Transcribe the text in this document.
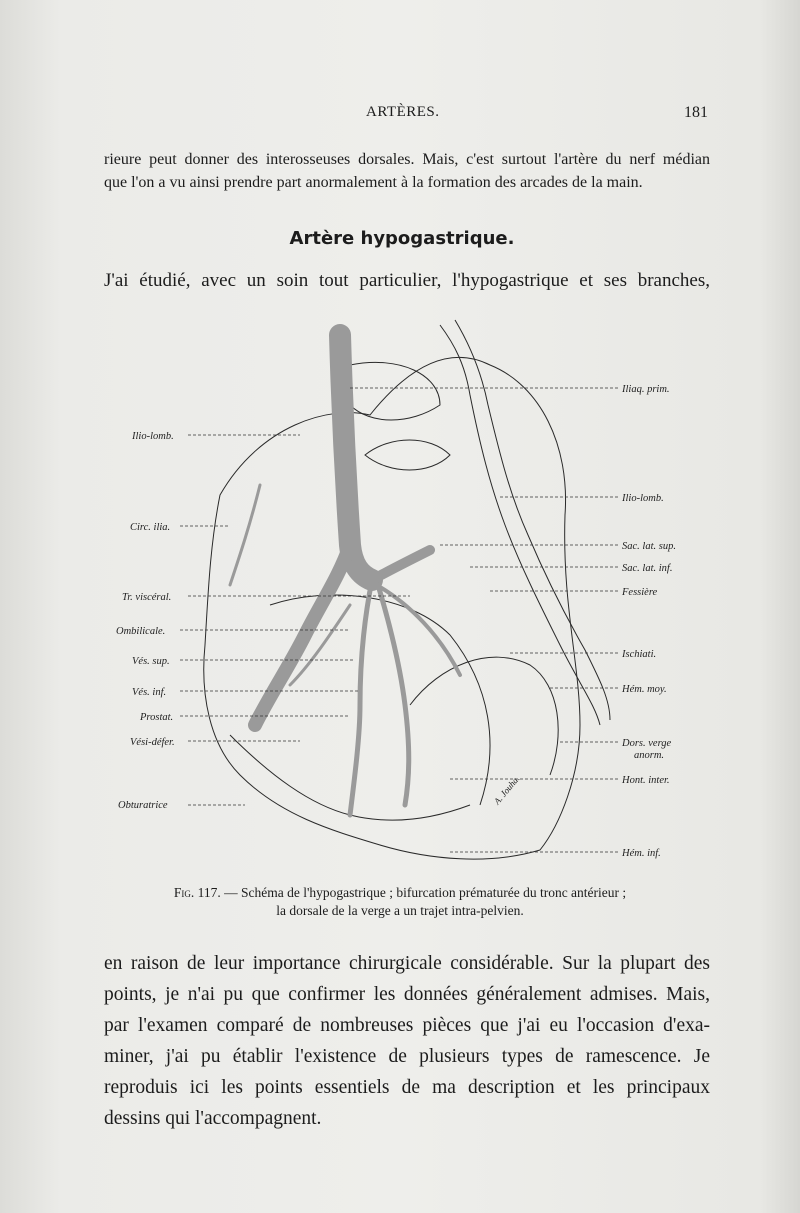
ARTÈRES.	181
rieure peut donner des interosseuses dorsales. Mais, c'est surtout l'artère du nerf médian
que l'on a vu ainsi prendre part anormalement à la formation des arcades de la main.
Artère hypogastrique.
J'ai étudié, avec un soin tout particulier, l'hypogastrique et ses branches,
Ilio-lomb.
Circ. ilia.
Tr. viscéral.
Ombilicale.
Vés. sup.
Vés. inf.
Prostat.
Vési-défer.
Obturatrice
Iliaq. prim.
Ilio-lomb.
Sac. lat. sup.
Sac. lat. inf.
Fessière
Ischiati.
Hém. moy.
Dors. verge
anorm.
Hont. inter.
Hém. inf.
A. Jouha.
Fig. 117. — Schéma de l'hypogastrique ; bifurcation prématurée du tronc antérieur ;
la dorsale de la verge a un trajet intra-pelvien.
en raison de leur importance chirurgicale considérable. Sur la plupart des
points, je n'ai pu que confirmer les données généralement admises. Mais,
par l'examen comparé de nombreuses pièces que j'ai eu l'occasion d'exa-
miner, j'ai pu établir l'existence de plusieurs types de ramescence. Je
reproduis ici les points essentiels de ma description et les principaux
dessins qui l'accompagnent.
